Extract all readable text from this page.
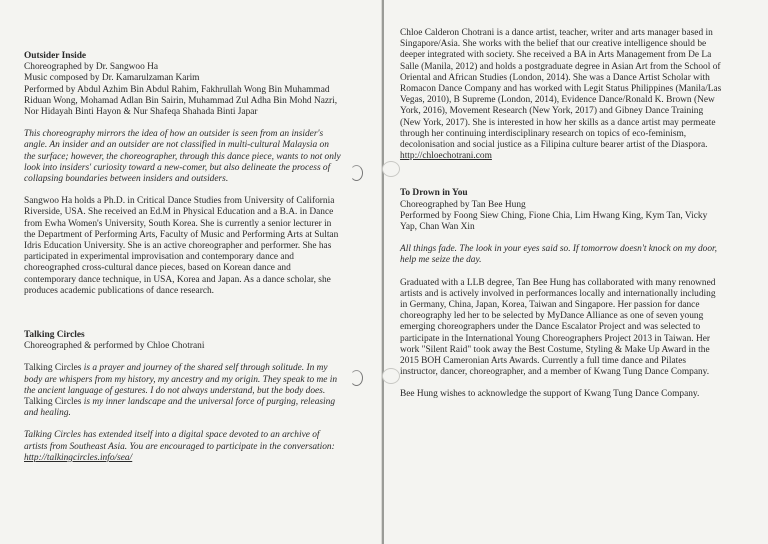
Outsider Inside

Choreographed by Dr. Sangwoo Ha

Music composed by Dr. Kamarulzaman Karim

Performed by Abdul Azhim Bin Abdul Rahim, Fakhrullah Wong Bin Muhammad Riduan Wong, Mohamad Adlan Bin Sairin, Muhammad Zul Adha Bin Mohd Nazri, Nor Hidayah Binti Hayon & Nur Shafeqa Shahada Binti Japar

This choreography mirrors the idea of how an outsider is seen from an insider's angle. An insider and an outsider are not classified in multi-cultural Malaysia on the surface; however, the choreographer, through this dance piece, wants to not only look into insiders' curiosity toward a new-comer, but also delineate the process of collapsing boundaries between insiders and outsiders.

Sangwoo Ha holds a Ph.D. in Critical Dance Studies from University of California Riverside, USA. She received an Ed.M in Physical Education and a B.A. in Dance from Ewha Women's University, South Korea. She is currently a senior lecturer in the Department of Performing Arts, Faculty of Music and Performing Arts at Sultan Idris Education University. She is an active choreographer and performer. She has participated in experimental improvisation and contemporary dance and choreographed cross-cultural dance pieces, based on Korean dance and contemporary dance technique, in USA, Korea and Japan. As a dance scholar, she produces academic publications of dance research.

Talking Circles

Choreographed & performed by Chloe Chotrani

Talking Circles is a prayer and journey of the shared self through solitude. In my body are whispers from my history, my ancestry and my origin. They speak to me in the ancient language of gestures. I do not always understand, but the body does. Talking Circles is my inner landscape and the universal force of purging, releasing and healing.

Talking Circles has extended itself into a digital space devoted to an archive of artists from Southeast Asia. You are encouraged to participate in the conversation: http://talkingcircles.info/sea/

Chloe Calderon Chotrani is a dance artist, teacher, writer and arts manager based in Singapore/Asia. She works with the belief that our creative intelligence should be deeper integrated with society. She received a BA in Arts Management from De La Salle (Manila, 2012) and holds a postgraduate degree in Asian Art from the School of Oriental and African Studies (London, 2014). She was a Dance Artist Scholar with Romacon Dance Company and has worked with Legit Status Philippines (Manila/Las Vegas, 2010), B Supreme (London, 2014), Evidence Dance/Ronald K. Brown (New York, 2016), Movement Research (New York, 2017) and Gibney Dance Training (New York, 2017). She is interested in how her skills as a dance artist may permeate through her continuing interdisciplinary research on topics of eco-feminism, decolonisation and social justice as a Filipina culture bearer artist of the Diaspora. http://chloechotrani.com

To Drown in You

Choreographed by Tan Bee Hung

Performed by Foong Siew Ching, Fione Chia, Lim Hwang King, Kym Tan, Vicky Yap, Chan Wan Xin

All things fade. The look in your eyes said so. If tomorrow doesn't knock on my door, help me seize the day.

Graduated with a LLB degree, Tan Bee Hung has collaborated with many renowned artists and is actively involved in performances locally and internationally including in Germany, China, Japan, Korea, Taiwan and Singapore. Her passion for dance choreography led her to be selected by MyDance Alliance as one of seven young emerging choreographers under the Dance Escalator Project and was selected to participate in the International Young Choreographers Project 2013 in Taiwan. Her work "Silent Raid" took away the Best Costume, Styling & Make Up Award in the 2015 BOH Cameronian Arts Awards. Currently a full time dance and Pilates instructor, dancer, choreographer, and a member of Kwang Tung Dance Company.

Bee Hung wishes to acknowledge the support of Kwang Tung Dance Company.
